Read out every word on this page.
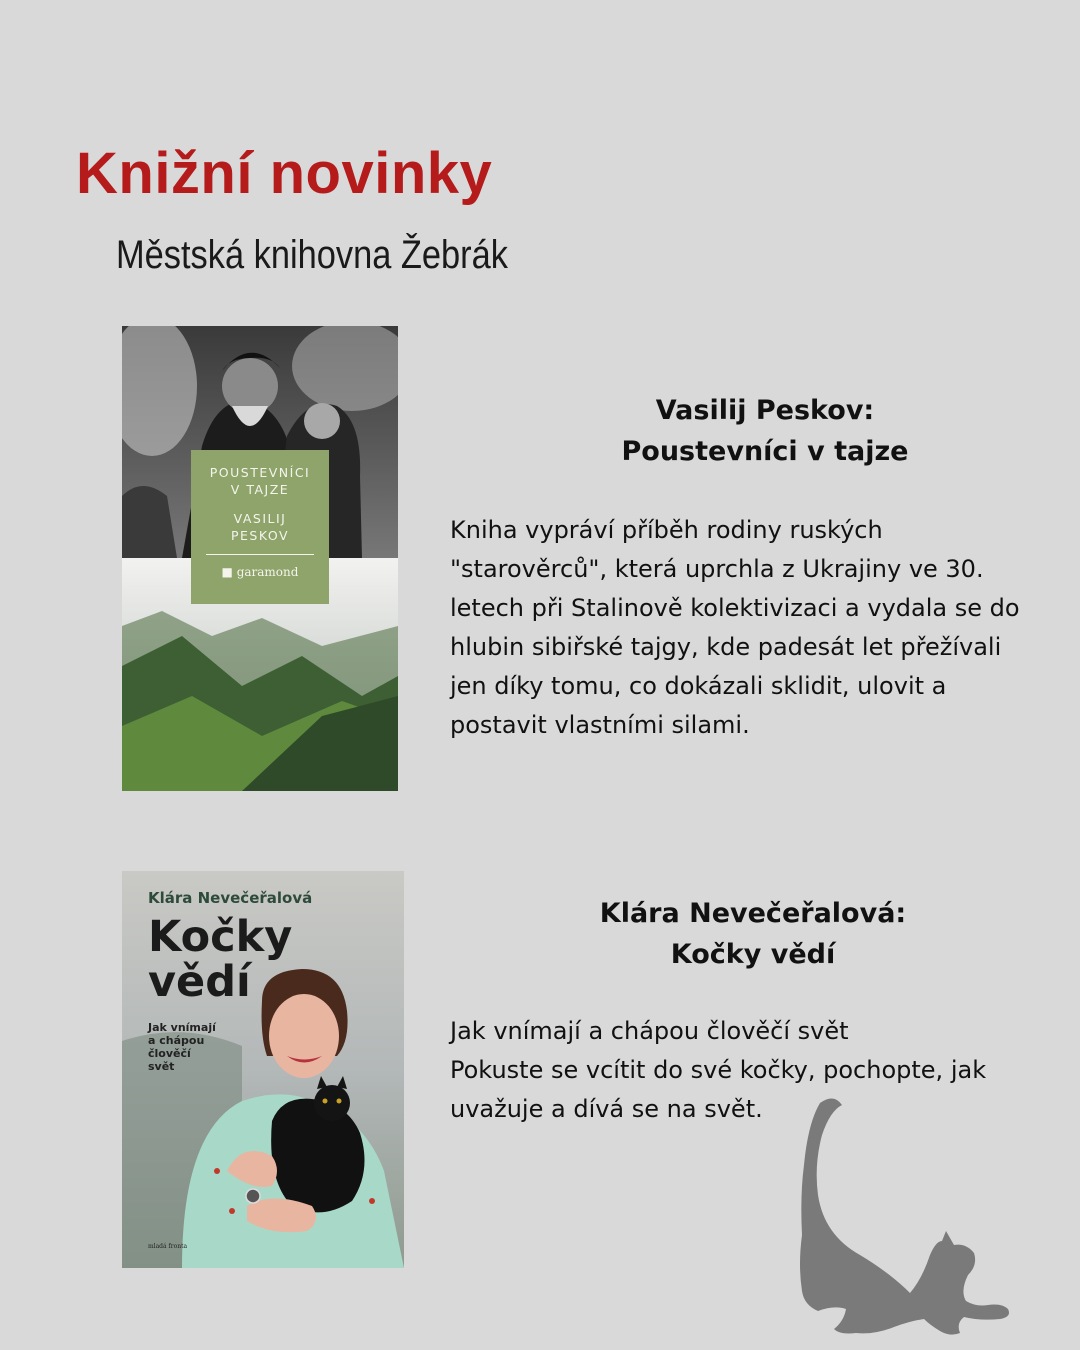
Knižní novinky
Městská knihovna Žebrák
POUSTEVNÍCI
V TAJZE
VASILIJ
PESKOV
■ garamond
Vasilij Peskov:
Poustevníci v tajze

Kniha vypráví příběh rodiny ruských
"starověrců", která uprchla z Ukrajiny ve 30.
letech při Stalinově kolektivizaci a vydala se do
hlubin sibiřské tajgy, kde padesát let přežívali
jen díky tomu, co dokázali sklidit, ulovit a
postavit vlastními silami.

Klára Nevečeřalová
Kočky
vědí
Jak vnímají
a chápou
člověčí
svět
mladá fronta
Klára Nevečeřalová:
Kočky vědí

Jak vnímají a chápou člověčí svět
Pokuste se vcítit do své kočky, pochopte, jak
uvažuje a dívá se na svět.
